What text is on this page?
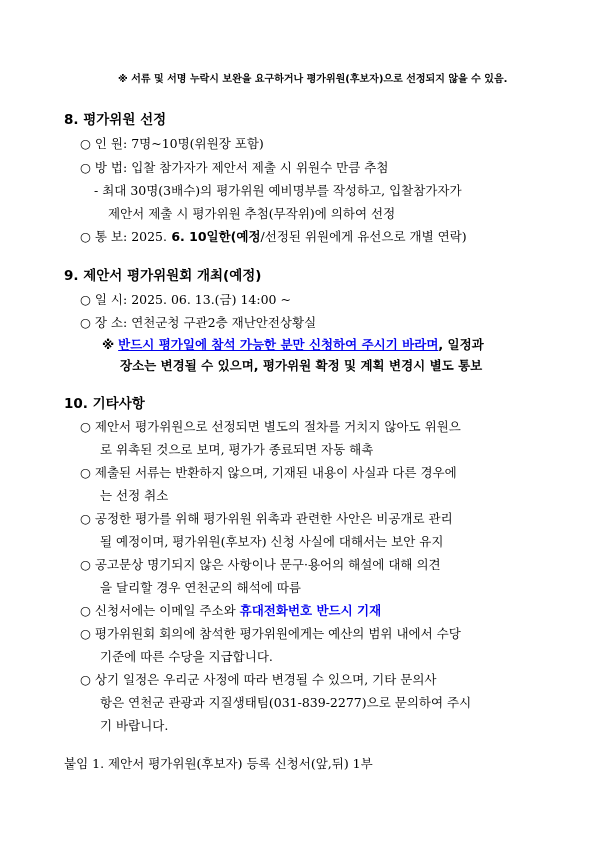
※ 서류 및 서명 누락시 보완을 요구하거나 평가위원(후보자)으로 선정되지 않을 수 있음.
8. 평가위원 선정
○ 인 원: 7명~10명(위원장 포함)
○ 방 법: 입찰 참가자가 제안서 제출 시 위원수 만큼 추첨
- 최대 30명(3배수)의 평가위원 예비명부를 작성하고, 입찰참가자가
제안서 제출 시 평가위원 추첨(무작위)에 의하여 선정
○ 통 보: 2025. 6. 10일한(예정/선정된 위원에게 유선으로 개별 연락)
9. 제안서 평가위원회 개최(예정)
○ 일 시: 2025. 06. 13.(금) 14:00 ~
○ 장 소: 연천군청 구관2층 재난안전상황실
※ 반드시 평가일에 참석 가능한 분만 신청하여 주시기 바라며, 일정과
장소는 변경될 수 있으며, 평가위원 확정 및 계획 변경시 별도 통보
10. 기타사항
○ 제안서 평가위원으로 선정되면 별도의 절차를 거치지 않아도 위원으
로 위촉된 것으로 보며, 평가가 종료되면 자동 해촉
○ 제출된 서류는 반환하지 않으며, 기재된 내용이 사실과 다른 경우에
는 선정 취소
○ 공정한 평가를 위해 평가위원 위촉과 관련한 사안은 비공개로 관리
될 예정이며, 평가위원(후보자) 신청 사실에 대해서는 보안 유지
○ 공고문상 명기되지 않은 사항이나 문구·용어의 해설에 대해 의견
을 달리할 경우 연천군의 해석에 따름
○ 신청서에는 이메일 주소와 휴대전화번호 반드시 기재
○ 평가위원회 회의에 참석한 평가위원에게는 예산의 범위 내에서 수당
기준에 따른 수당을 지급합니다.
○ 상기 일정은 우리군 사정에 따라 변경될 수 있으며, 기타 문의사
항은 연천군 관광과 지질생태팀(031-839-2277)으로 문의하여 주시
기 바랍니다.
붙임 1. 제안서 평가위원(후보자) 등록 신청서(앞,뒤) 1부
